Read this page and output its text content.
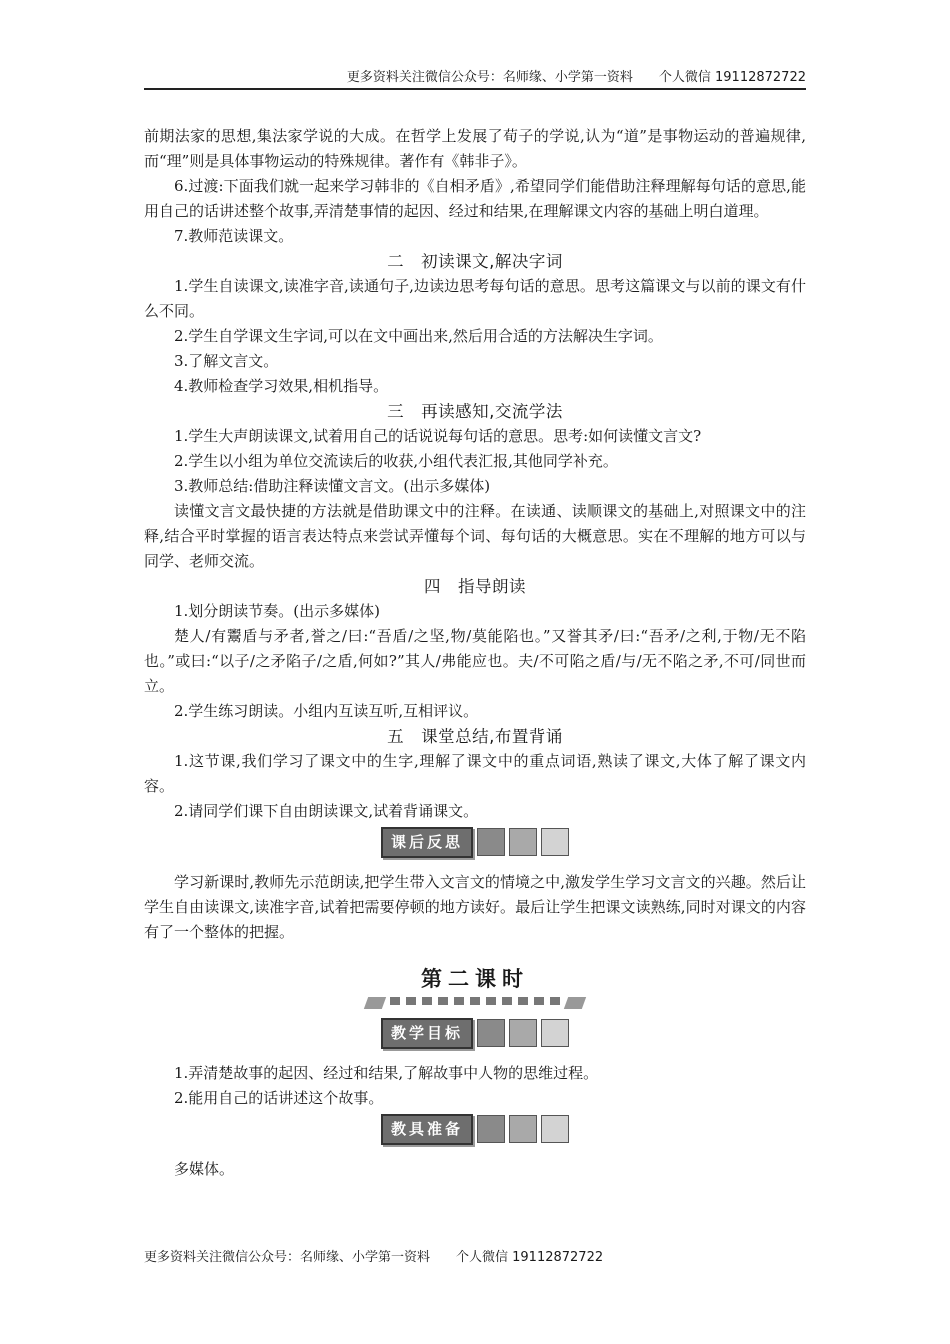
更多资料关注微信公众号：名师缘、小学第一资料　　个人微信 19112872722

前期法家的思想,集法家学说的大成。在哲学上发展了荀子的学说,认为“道”是事物运动的普遍规律,而“理”则是具体事物运动的特殊规律。著作有《韩非子》。

6.过渡:下面我们就一起来学习韩非的《自相矛盾》,希望同学们能借助注释理解每句话的意思,能用自己的话讲述整个故事,弄清楚事情的起因、经过和结果,在理解课文内容的基础上明白道理。

7.教师范读课文。

二　初读课文,解决字词

1.学生自读课文,读准字音,读通句子,边读边思考每句话的意思。思考这篇课文与以前的课文有什么不同。

2.学生自学课文生字词,可以在文中画出来,然后用合适的方法解决生字词。

3.了解文言文。

4.教师检查学习效果,相机指导。

三　再读感知,交流学法

1.学生大声朗读课文,试着用自己的话说说每句话的意思。思考:如何读懂文言文?

2.学生以小组为单位交流读后的收获,小组代表汇报,其他同学补充。

3.教师总结:借助注释读懂文言文。(出示多媒体)

读懂文言文最快捷的方法就是借助课文中的注释。在读通、读顺课文的基础上,对照课文中的注释,结合平时掌握的语言表达特点来尝试弄懂每个词、每句话的大概意思。实在不理解的地方可以与同学、老师交流。

四　指导朗读

1.划分朗读节奏。(出示多媒体)

楚人/有鬻盾与矛者,誉之/曰:“吾盾/之坚,物/莫能陷也。”又誉其矛/曰:“吾矛/之利,于物/无不陷也。”或曰:“以子/之矛陷子/之盾,何如?”其人/弗能应也。夫/不可陷之盾/与/无不陷之矛,不可/同世而立。

2.学生练习朗读。小组内互读互听,互相评议。

五　课堂总结,布置背诵

1.这节课,我们学习了课文中的生字,理解了课文中的重点词语,熟读了课文,大体了解了课文内容。

2.请同学们课下自由朗读课文,试着背诵课文。

课后反思

学习新课时,教师先示范朗读,把学生带入文言文的情境之中,激发学生学习文言文的兴趣。然后让学生自由读课文,读准字音,试着把需要停顿的地方读好。最后让学生把课文读熟练,同时对课文的内容有了一个整体的把握。

第二课时
教学目标

1.弄清楚故事的起因、经过和结果,了解故事中人物的思维过程。

2.能用自己的话讲述这个故事。

教具准备

多媒体。

更多资料关注微信公众号：名师缘、小学第一资料　　个人微信 19112872722
